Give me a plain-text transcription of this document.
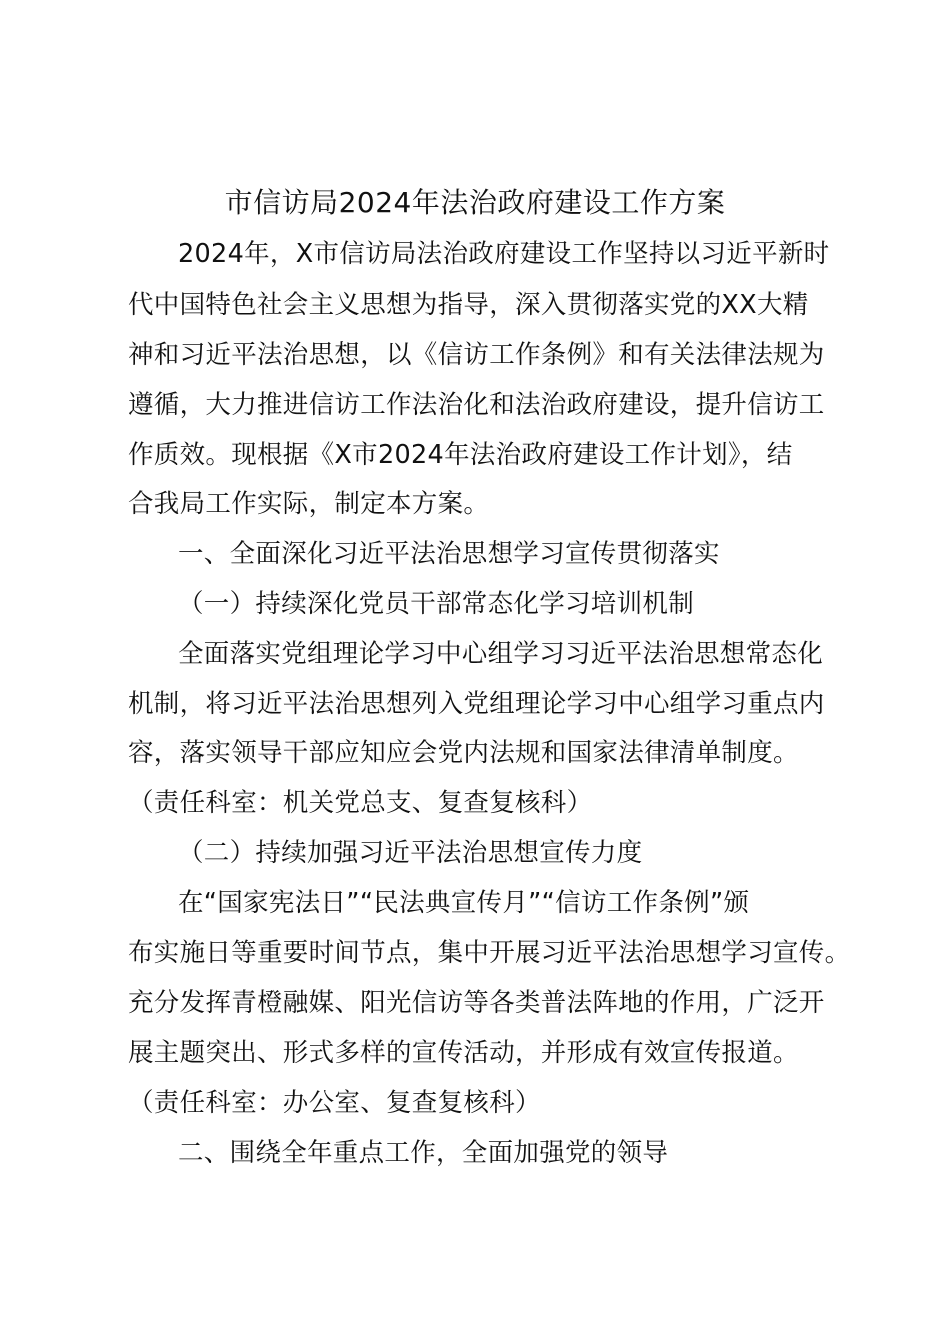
市信访局2024年法治政府建设工作方案
2024年，X市信访局法治政府建设工作坚持以习近平新时
代中国特色社会主义思想为指导，深入贯彻落实党的XX大精
神和习近平法治思想，以《信访工作条例》和有关法律法规为
遵循，大力推进信访工作法治化和法治政府建设，提升信访工
作质效。现根据《X市2024年法治政府建设工作计划》，结
合我局工作实际，制定本方案。
一、全面深化习近平法治思想学习宣传贯彻落实
（一）持续深化党员干部常态化学习培训机制
全面落实党组理论学习中心组学习习近平法治思想常态化
机制，将习近平法治思想列入党组理论学习中心组学习重点内
容，落实领导干部应知应会党内法规和国家法律清单制度。
（责任科室：机关党总支、复查复核科）
（二）持续加强习近平法治思想宣传力度
在“国家宪法日”“民法典宣传月”“信访工作条例”颁
布实施日等重要时间节点，集中开展习近平法治思想学习宣传。
充分发挥青橙融媒、阳光信访等各类普法阵地的作用，广泛开
展主题突出、形式多样的宣传活动，并形成有效宣传报道。
（责任科室：办公室、复查复核科）
二、围绕全年重点工作，全面加强党的领导
